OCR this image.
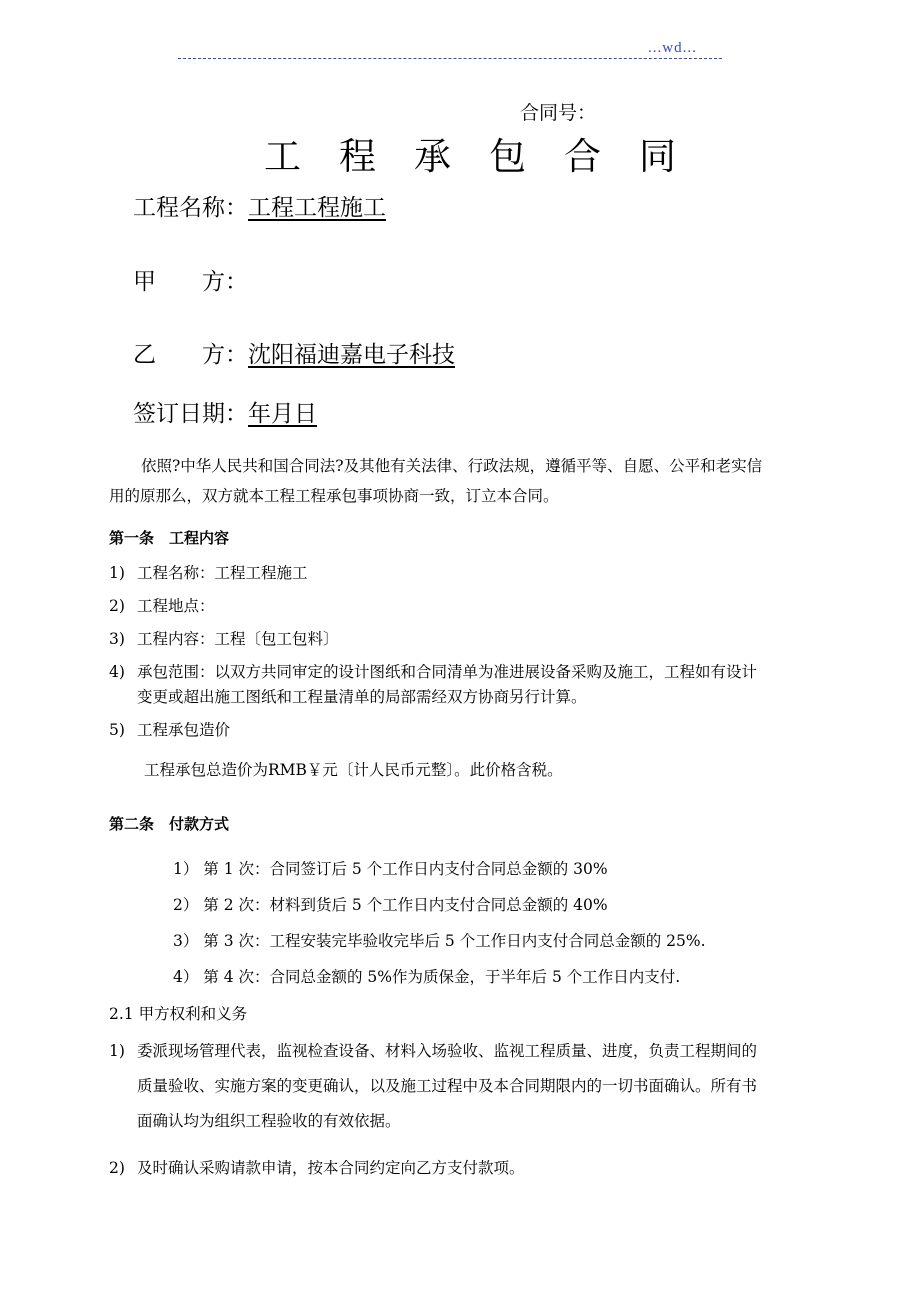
...wd...
合同号：
工 程 承 包 合 同
工程名称：工程工程施工
甲　　方：
乙　　方：沈阳福迪嘉电子科技
签订日期：年月日
依照?中华人民共和国合同法?及其他有关法律、行政法规，遵循平等、自愿、公平和老实信
用的原那么，双方就本工程工程承包事项协商一致，订立本合同。
第一条　工程内容
1) 工程名称：工程工程施工
2) 工程地点：
3) 工程内容：工程〔包工包料〕
4) 承包范围：以双方共同审定的设计图纸和合同清单为准进展设备采购及施工，工程如有设计
变更或超出施工图纸和工程量清单的局部需经双方协商另行计算。
5) 工程承包造价
工程承包总造价为RMB￥元〔计人民币元整〕。此价格含税。
第二条　付款方式
1） 第 1 次：合同签订后 5 个工作日内支付合同总金额的 30%
2） 第 2 次：材料到货后 5 个工作日内支付合同总金额的 40%
3） 第 3 次：工程安装完毕验收完毕后 5 个工作日内支付合同总金额的 25%.
4） 第 4 次：合同总金额的 5%作为质保金，于半年后 5 个工作日内支付.
2.1 甲方权利和义务
1) 委派现场管理代表，监视检查设备、材料入场验收、监视工程质量、进度，负责工程期间的
质量验收、实施方案的变更确认，以及施工过程中及本合同期限内的一切书面确认。所有书
面确认均为组织工程验收的有效依据。
2) 及时确认采购请款申请，按本合同约定向乙方支付款项。
